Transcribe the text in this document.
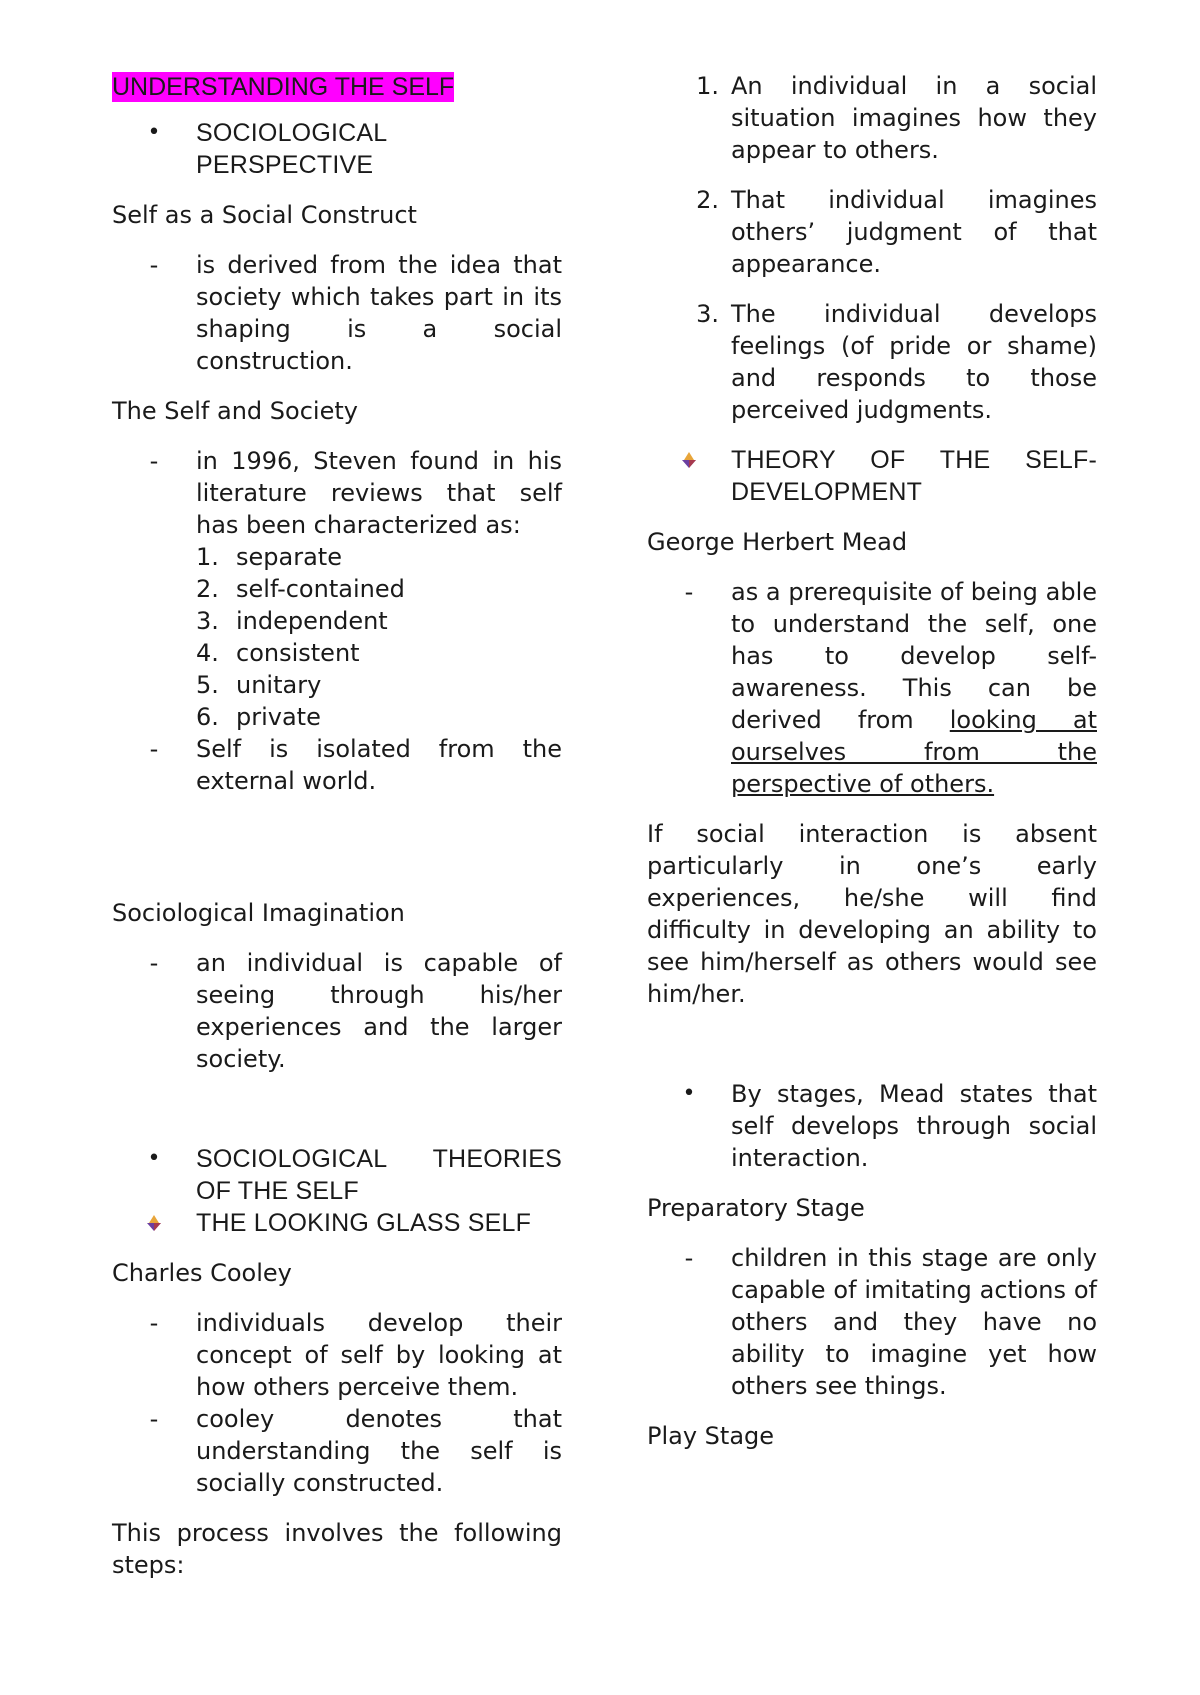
UNDERSTANDING THE SELF

•	SOCIOLOGICAL PERSPECTIVE

Self as a Social Construct

-	is derived from the idea that society which takes part in its shaping is a social construction.

The Self and Society

-	in 1996, Steven found in his literature reviews that self has been characterized as:
1. separate
2. self-contained
3. independent
4. consistent
5. unitary
6. private
-	Self is isolated from the external world.

Sociological Imagination

-	an individual is capable of seeing through his/her experiences and the larger society.
•	SOCIOLOGICAL THEORIES OF THE SELF
THE LOOKING GLASS SELF

Charles Cooley

-	individuals develop their concept of self by looking at how others perceive them.
-	cooley denotes that understanding the self is socially constructed.

This process involves the following steps:

1. An individual in a social situation imagines how they appear to others.
2. That individual imagines others’ judgment of that appearance.
3. The individual develops feelings (of pride or shame) and responds to those perceived judgments.
THEORY OF THE SELF-DEVELOPMENT

George Herbert Mead

-	as a prerequisite of being able to understand the self, one has to develop self-awareness. This can be derived from looking at ourselves from the perspective of others.

If social interaction is absent particularly in one’s early experiences, he/she will find difficulty in developing an ability to see him/herself as others would see him/her.

•	By stages, Mead states that self develops through social interaction.

Preparatory Stage

-	children in this stage are only capable of imitating actions of others and they have no ability to imagine yet how others see things.

Play Stage
